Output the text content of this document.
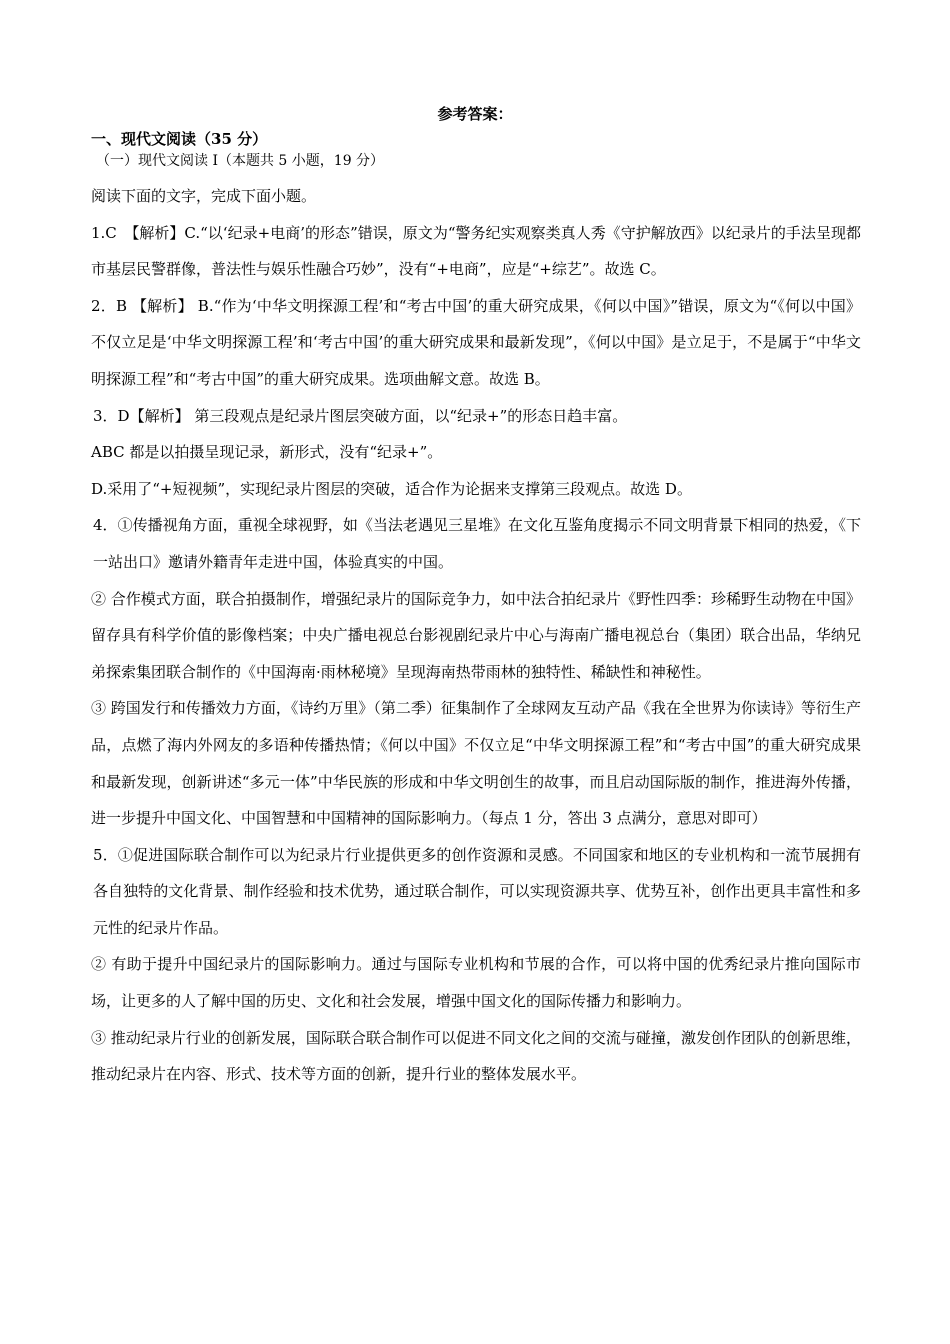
参考答案：
一、现代文阅读（35 分）
（一）现代文阅读 Ⅰ（本题共 5 小题，19 分）

阅读下面的文字，完成下面小题。

1.C　【解析】C.“以‘纪录+电商’的形态”错误，原文为“警务纪实观察类真人秀《守护解放西》以纪录片的手法呈现都市基层民警群像，普法性与娱乐性融合巧妙”，没有“+电商”，应是“+综艺”。故选 C。

2．B 【解析】 B.“作为‘中华文明探源工程’和“考古中国’的重大研究成果，《何以中国》”错误，原文为“《何以中国》不仅立足是‘中华文明探源工程’和‘考古中国’的重大研究成果和最新发现”，《何以中国》是立足于，不是属于“中华文明探源工程”和“考古中国”的重大研究成果。选项曲解文意。故选 B。

3．D【解析】 第三段观点是纪录片图层突破方面，以“纪录+”的形态日趋丰富。

ABC 都是以拍摄呈现记录，新形式，没有“纪录+”。

D.采用了“+短视频”，实现纪录片图层的突破，适合作为论据来支撑第三段观点。故选 D。

4．①传播视角方面，重视全球视野，如《当法老遇见三星堆》在文化互鉴角度揭示不同文明背景下相同的热爱，《下一站出口》邀请外籍青年走进中国，体验真实的中国。

② 合作模式方面，联合拍摄制作，增强纪录片的国际竞争力，如中法合拍纪录片《野性四季：珍稀野生动物在中国》留存具有科学价值的影像档案；中央广播电视总台影视剧纪录片中心与海南广播电视总台（集团）联合出品，华纳兄弟探索集团联合制作的《中国海南·雨林秘境》呈现海南热带雨林的独特性、稀缺性和神秘性。

③ 跨国发行和传播效力方面，《诗约万里》（第二季）征集制作了全球网友互动产品《我在全世界为你读诗》等衍生产品，点燃了海内外网友的多语种传播热情；《何以中国》不仅立足“中华文明探源工程”和“考古中国”的重大研究成果和最新发现，创新讲述“多元一体”中华民族的形成和中华文明创生的故事，而且启动国际版的制作，推进海外传播，进一步提升中国文化、中国智慧和中国精神的国际影响力。（每点 1 分，答出 3 点满分，意思对即可）

5．①促进国际联合制作可以为纪录片行业提供更多的创作资源和灵感。不同国家和地区的专业机构和一流节展拥有各自独特的文化背景、制作经验和技术优势，通过联合制作，可以实现资源共享、优势互补，创作出更具丰富性和多元性的纪录片作品。

② 有助于提升中国纪录片的国际影响力。通过与国际专业机构和节展的合作，可以将中国的优秀纪录片推向国际市场，让更多的人了解中国的历史、文化和社会发展，增强中国文化的国际传播力和影响力。

③ 推动纪录片行业的创新发展，国际联合联合制作可以促进不同文化之间的交流与碰撞，激发创作团队的创新思维，推动纪录片在内容、形式、技术等方面的创新，提升行业的整体发展水平。
